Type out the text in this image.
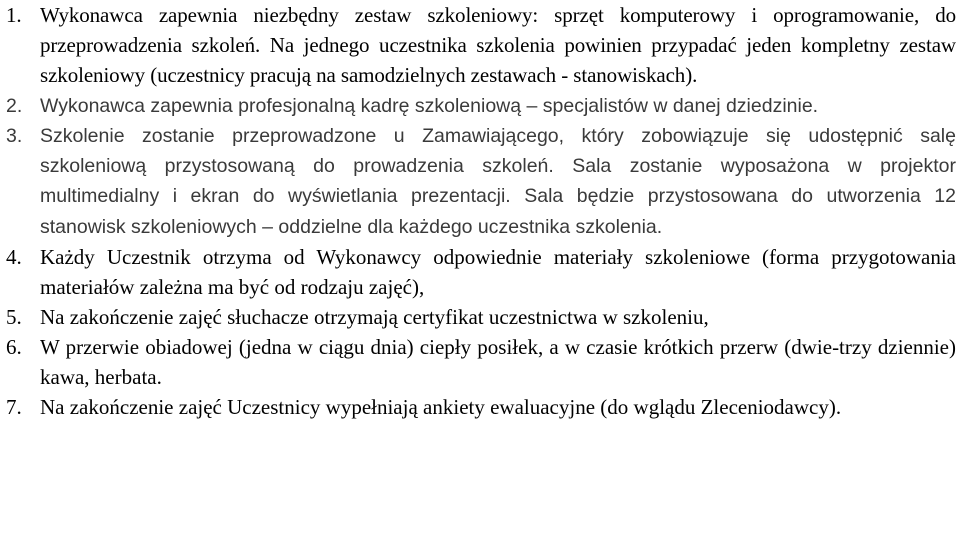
1. Wykonawca zapewnia niezbędny zestaw szkoleniowy: sprzęt komputerowy i oprogramowanie, do przeprowadzenia szkoleń. Na jednego uczestnika szkolenia powinien przypadać jeden kompletny zestaw szkoleniowy (uczestnicy pracują na samodzielnych zestawach - stanowiskach).
2. Wykonawca zapewnia profesjonalną kadrę szkoleniową – specjalistów w danej dziedzinie.
3. Szkolenie zostanie przeprowadzone u Zamawiającego, który zobowiązuje się udostępnić salę szkoleniową przystosowaną do prowadzenia szkoleń. Sala zostanie wyposażona w projektor multimedialny i ekran do wyświetlania prezentacji. Sala będzie przystosowana do utworzenia 12 stanowisk szkoleniowych – oddzielne dla każdego uczestnika szkolenia.
4. Każdy Uczestnik otrzyma od Wykonawcy odpowiednie materiały szkoleniowe (forma przygotowania materiałów zależna ma być od rodzaju zajęć),
5. Na zakończenie zajęć słuchacze otrzymają certyfikat uczestnictwa w szkoleniu,
6. W przerwie obiadowej (jedna w ciągu dnia) ciepły posiłek, a w czasie krótkich przerw (dwie-trzy dziennie) kawa, herbata.
7. Na zakończenie zajęć Uczestnicy wypełniają ankiety ewaluacyjne (do wglądu Zleceniodawcy).
